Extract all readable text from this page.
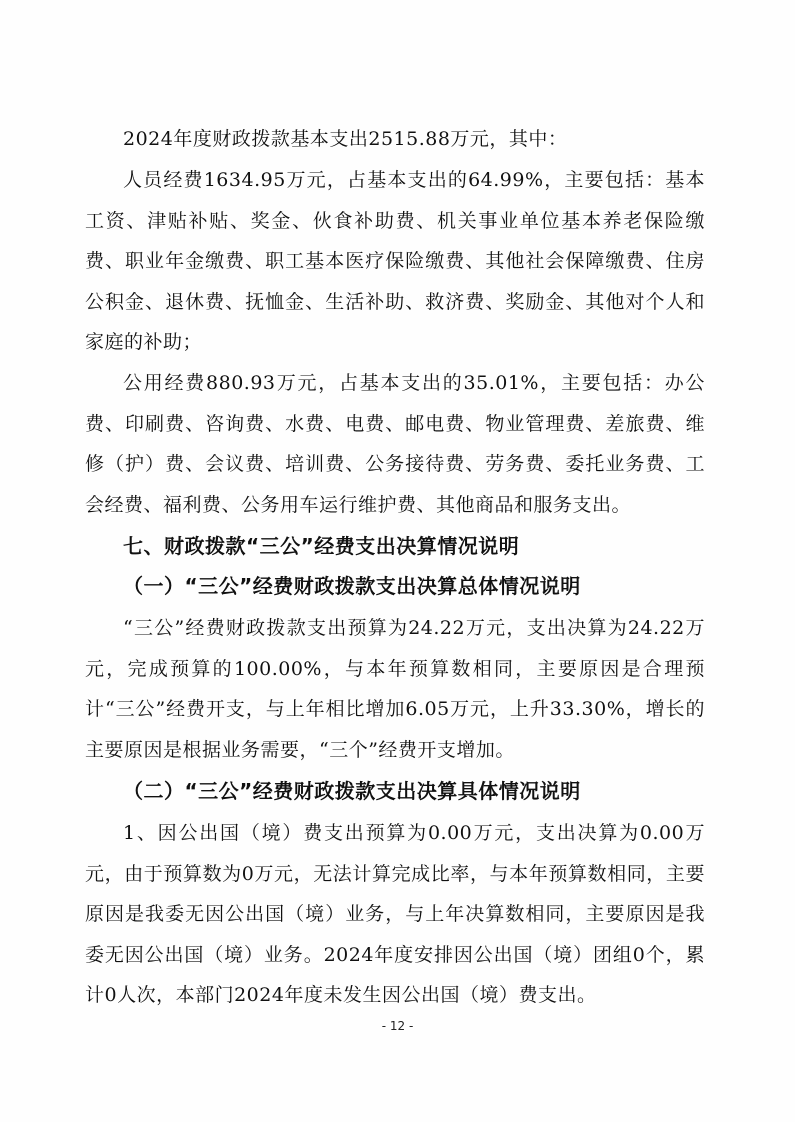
2024年度财政拨款基本支出2515.88万元，其中：

人员经费1634.95万元，占基本支出的64.99%，主要包括：基本工资、津贴补贴、奖金、伙食补助费、机关事业单位基本养老保险缴费、职业年金缴费、职工基本医疗保险缴费、其他社会保障缴费、住房公积金、退休费、抚恤金、生活补助、救济费、奖励金、其他对个人和家庭的补助；

公用经费880.93万元，占基本支出的35.01%，主要包括：办公费、印刷费、咨询费、水费、电费、邮电费、物业管理费、差旅费、维修（护）费、会议费、培训费、公务接待费、劳务费、委托业务费、工会经费、福利费、公务用车运行维护费、其他商品和服务支出。

七、财政拨款“三公”经费支出决算情况说明
（一）“三公”经费财政拨款支出决算总体情况说明

“三公”经费财政拨款支出预算为24.22万元，支出决算为24.22万元，完成预算的100.00%，与本年预算数相同，主要原因是合理预计“三公”经费开支，与上年相比增加6.05万元，上升33.30%，增长的主要原因是根据业务需要，“三个”经费开支增加。

（二）“三公”经费财政拨款支出决算具体情况说明

1、因公出国（境）费支出预算为0.00万元，支出决算为0.00万元，由于预算数为0万元，无法计算完成比率，与本年预算数相同，主要原因是我委无因公出国（境）业务，与上年决算数相同，主要原因是我委无因公出国（境）业务。2024年度安排因公出国（境）团组0个，累计0人次，本部门2024年度未发生因公出国（境）费支出。

- 12 -
